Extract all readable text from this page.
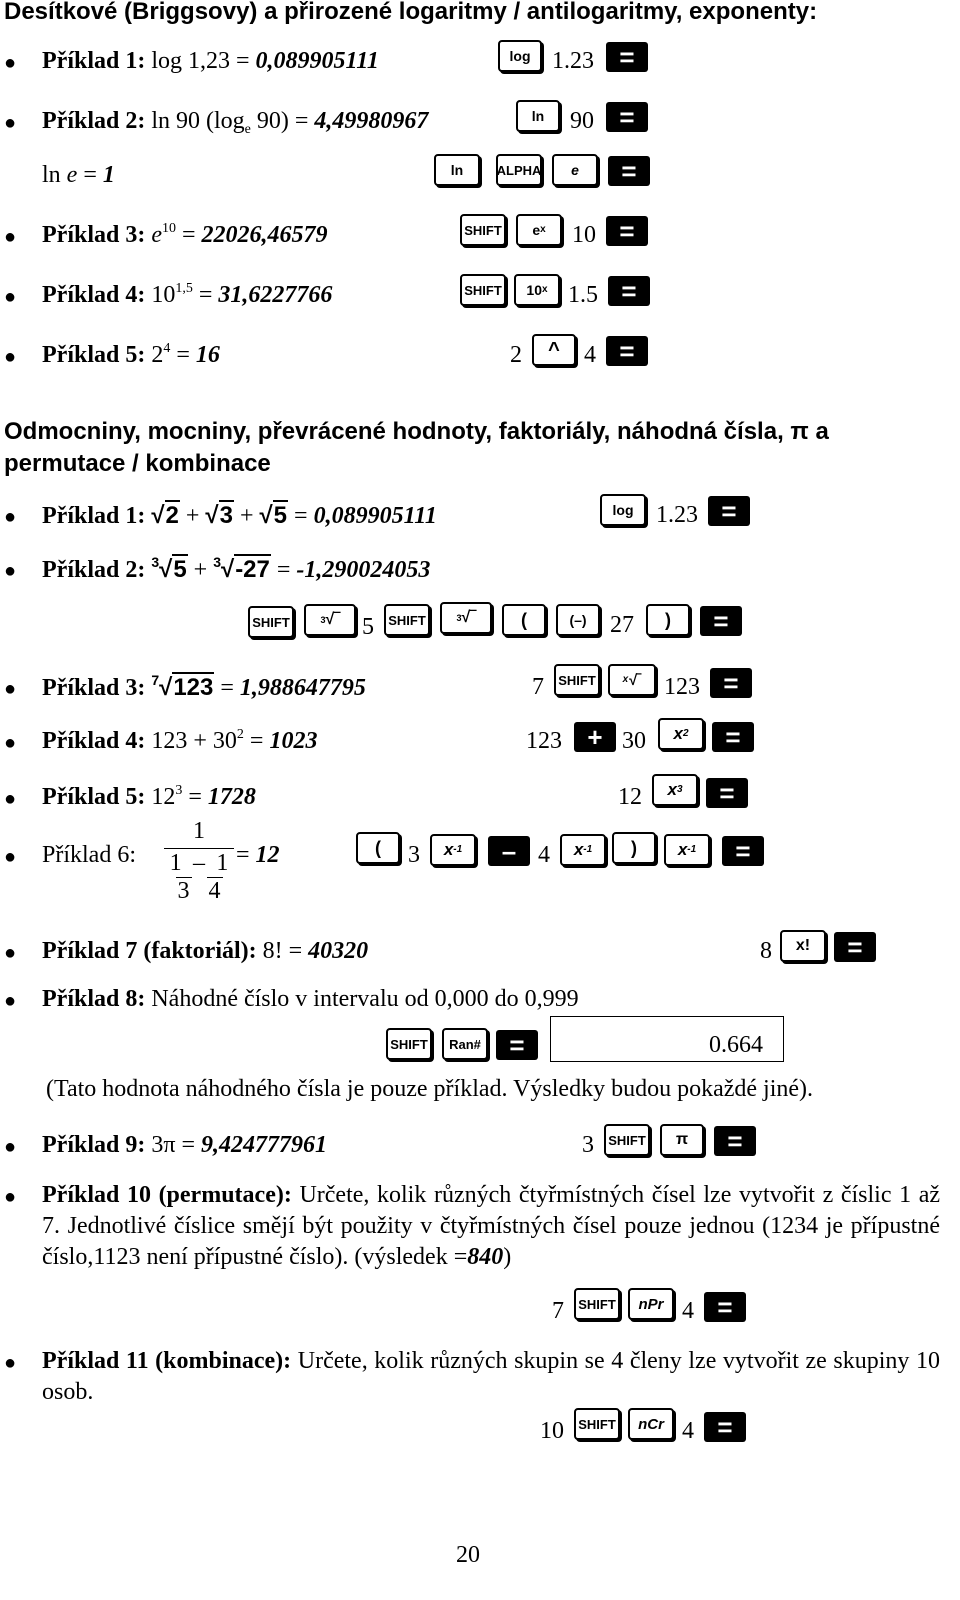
Desítkové (Briggsovy) a přirozené logaritmy / antilogaritmy, exponenty:
● Příklad 1: log 1,23 = 0,089905111	log 1.23 =
● Příklad 2: ln 90 ($\log_e$ 90) = 4,49980967	ln	90 =
ln e = 1	ln	ALPHA	e	=
● Příklad 3: $e^{10} = 22026,46579$	SHIFT	e x 10 =
● Příklad 4: $10^{1,5} = 31,6227766$	SHIFT	10 x 1.5 =
● Příklad 5: $2^4 = 16$	2	^	4 =
Odmocniny, mocniny, převrácené hodnoty, faktoriály, náhodná čísla, π a
permutace / kombinace
● Příklad 1: √2 + √3 + √5 = 0,089905111	log 1.23 =
● Příklad 2: $^3$√5 + $^3$√-27 = -1,290024053
SHIFT	3 √‾ 5	SHIFT	3 √‾	(	(–) 27	)	=
● Příklad 3: $^7$√123 = 1,988647795	7	SHIFT	x √‾ 123 =
● Příklad 4: $123 + 30^2 = 1023$	123 + 30 x 2	=
● Příklad 5: $12^3 = 1728$	12 x 3	=
● Příklad 6:
1
1 – 1
3 4
= 12	(	3 x -1	– 4 x -1	)	x -1	=
● Příklad 7 (faktoriál): 8! = 40320	8	x!	=
● Příklad 8: Náhodné číslo v intervalu od 0,000 do 0,999
SHIFT	Ran#	=	0.664
(Tato hodnota náhodného čísla je pouze příklad. Výsledky budou pokaždé jiné).
● Příklad 9: 3π = 9,424777961	3	SHIFT	π	=
● Příklad 10 (permutace): Určete, kolik různých čtyřmístných čísel lze vytvořit z číslic 1 až 7. Jednotlivé číslice smějí být použity v čtyřmístných čísel pouze jednou (1234 je přípustné číslo,1123 není přípustné číslo). (výsledek =840)
7	SHIFT	nPr 4 =
● Příklad 11 (kombinace): Určete, kolik různých skupin se 4 členy lze vytvořit ze skupiny 10 osob.
10	SHIFT	nCr 4 =
20
